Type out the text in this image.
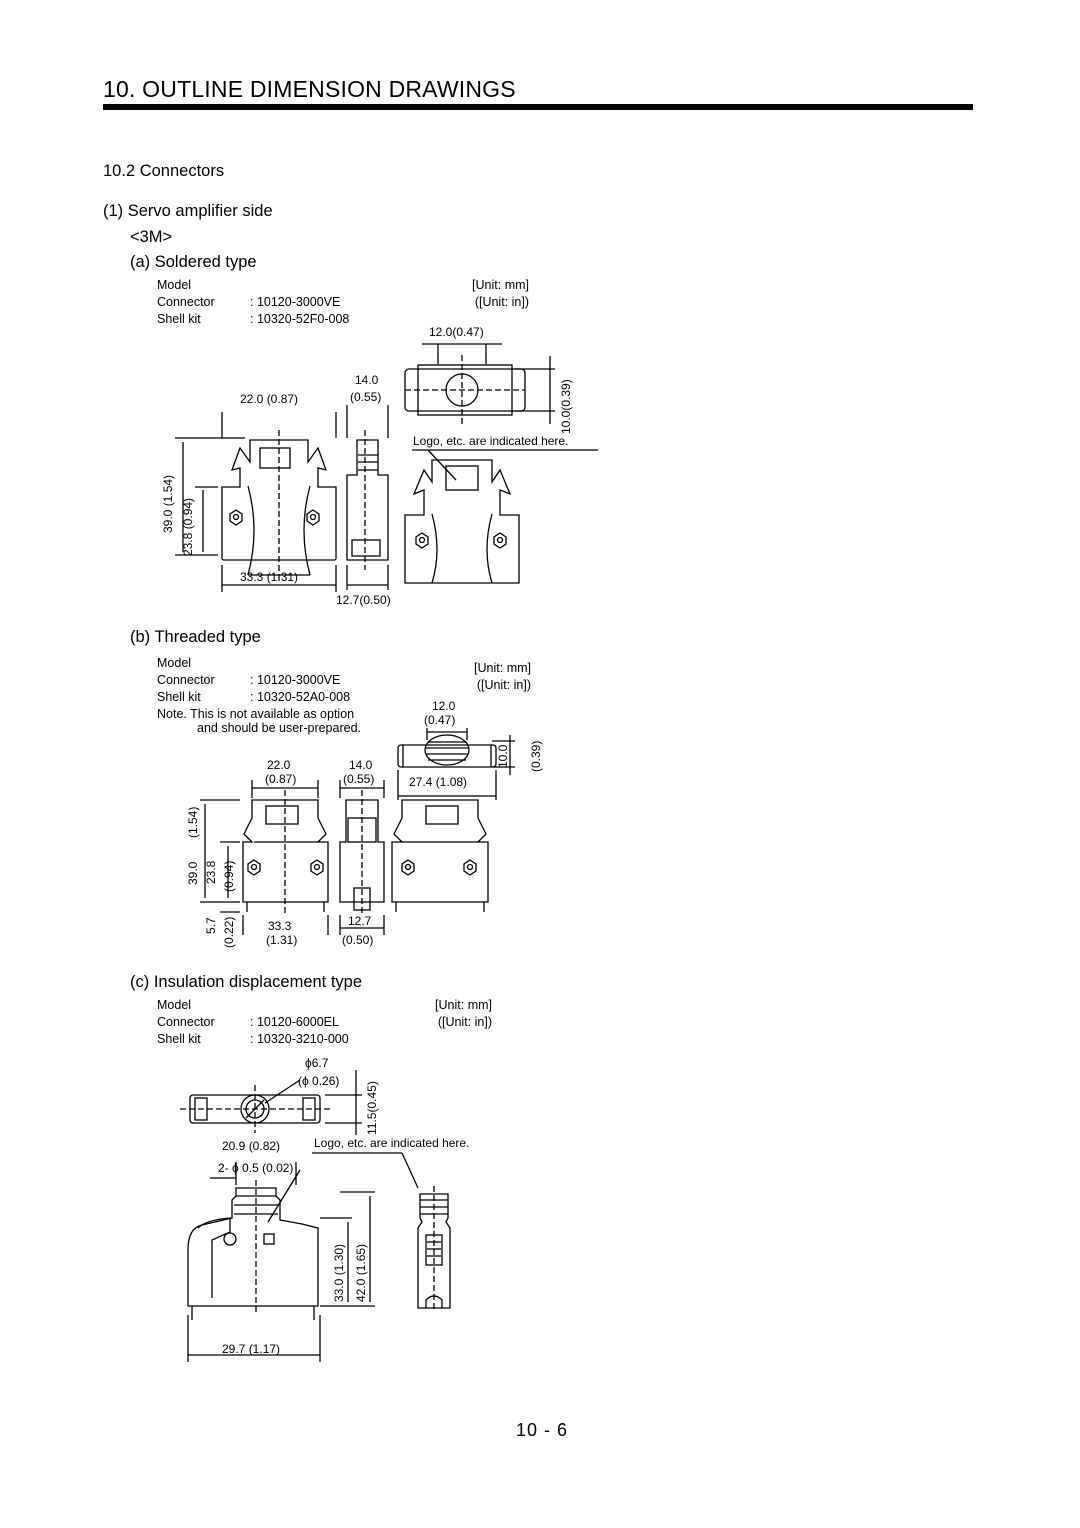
10. OUTLINE DIMENSION DRAWINGS
10.2 Connectors
(1) Servo amplifier side
<3M>
(a) Soldered type
Model	
Connector	: 10120-3000VE
Shell kit	: 10320-52F0-008
[Unit: mm]
([Unit: in])
12.0(0.47)
10.0(0.39)
22.0 (0.87)
14.0
(0.55)
Logo, etc. are indicated here.
39.0 (1.54) 23.8 (0.94)
33.3 (1.31)
12.7(0.50)
(b) Threaded type
Model	
Connector	: 10120-3000VE
Shell kit	: 10320-52A0-008
Note. This is not available as option
and should be user-prepared.
[Unit: mm]
([Unit: in])
12.0
(0.47)
10.0 (0.39)
27.4 (1.08)
22.0
(0.87)
14.0
(0.55)
39.0
(1.54)
23.8 (0.94)
5.7 (0.22)	33.3
(1.31)
12.7
(0.50)
(c) Insulation displacement type
Model	
Connector	: 10120-6000EL
Shell kit	: 10320-3210-000
[Unit: mm]
([Unit: in])
ϕ6.7
(ϕ 0.26)
11.5(0.45)
20.9 (0.82)	Logo, etc. are indicated here.
2- ϕ 0.5 (0.02)
33.0 (1.30) 42.0 (1.65)
29.7 (1.17)
10 - 6
